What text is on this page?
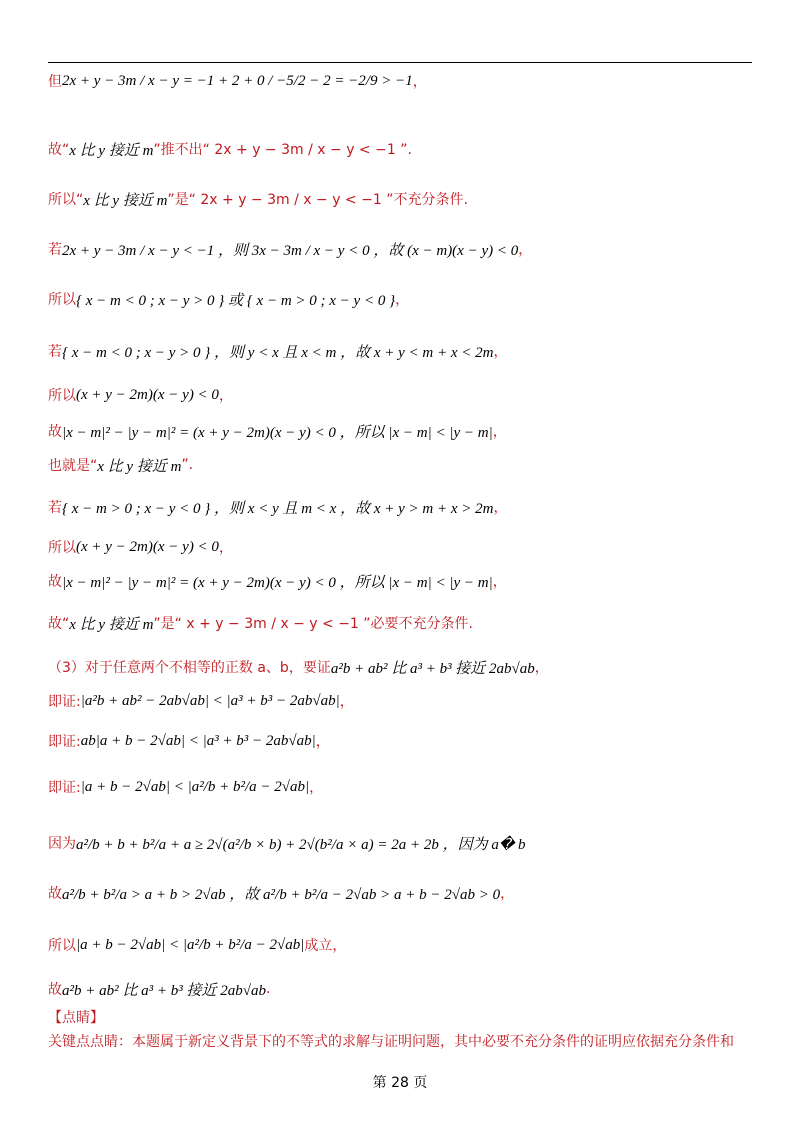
但 2x + y − 3m / x − y = −1 + 2 + 0 / −5/2 − 2 = −2/9 > −1 ，
故“ x 比 y 接近 m ”推不出“ 2x + y − 3m / x − y < −1 ”.
所以“ x 比 y 接近 m ”是“ 2x + y − 3m / x − y < −1 ”不充分条件.
若 2x + y − 3m / x − y < −1 ，则 3x − 3m / x − y < 0 ，故 (x − m)(x − y) < 0 ，
所以 { x − m < 0 ; x − y > 0 } 或 { x − m > 0 ; x − y < 0 } ，
若 { x − m < 0 ; x − y > 0 } ，则 y < x 且 x < m ，故 x + y < m + x < 2m ，
所以 (x + y − 2m)(x − y) < 0 ，
故 |x − m|² − |y − m|² = (x + y − 2m)(x − y) < 0 ，所以 |x − m| < |y − m| ，
也就是“ x 比 y 接近 m ”.
若 { x − m > 0 ; x − y < 0 } ，则 x < y 且 m < x ，故 x + y > m + x > 2m ，
所以 (x + y − 2m)(x − y) < 0 ，
故 |x − m|² − |y − m|² = (x + y − 2m)(x − y) < 0 ，所以 |x − m| < |y − m| ，
故“ x 比 y 接近 m ”是“ x + y − 3m / x − y < −1 ”必要不充分条件.
（3）对于任意两个不相等的正数 a、b，要证 a²b + ab² 比 a³ + b³ 接近 2ab√ab ，
即证: |a²b + ab² − 2ab√ab| < |a³ + b³ − 2ab√ab| ，
即证: ab|a + b − 2√ab| < |a³ + b³ − 2ab√ab| ，
即证: |a + b − 2√ab| < |a²/b + b²/a − 2√ab| ，
因为 a²/b + b + b²/a + a ≥ 2√(a²/b × b) + 2√(b²/a × a) = 2a + 2b ，因为 a� b
故 a²/b + b²/a > a + b > 2√ab ，故 a²/b + b²/a − 2√ab > a + b − 2√ab > 0 ，
所以 |a + b − 2√ab| < |a²/b + b²/a − 2√ab| 成立，
故 a²b + ab² 比 a³ + b³ 接近 2ab√ab .
【点睛】
关键点点睛：本题属于新定义背景下的不等式的求解与证明问题，其中必要不充分条件的证明应依据充分条件和
第 28 页
